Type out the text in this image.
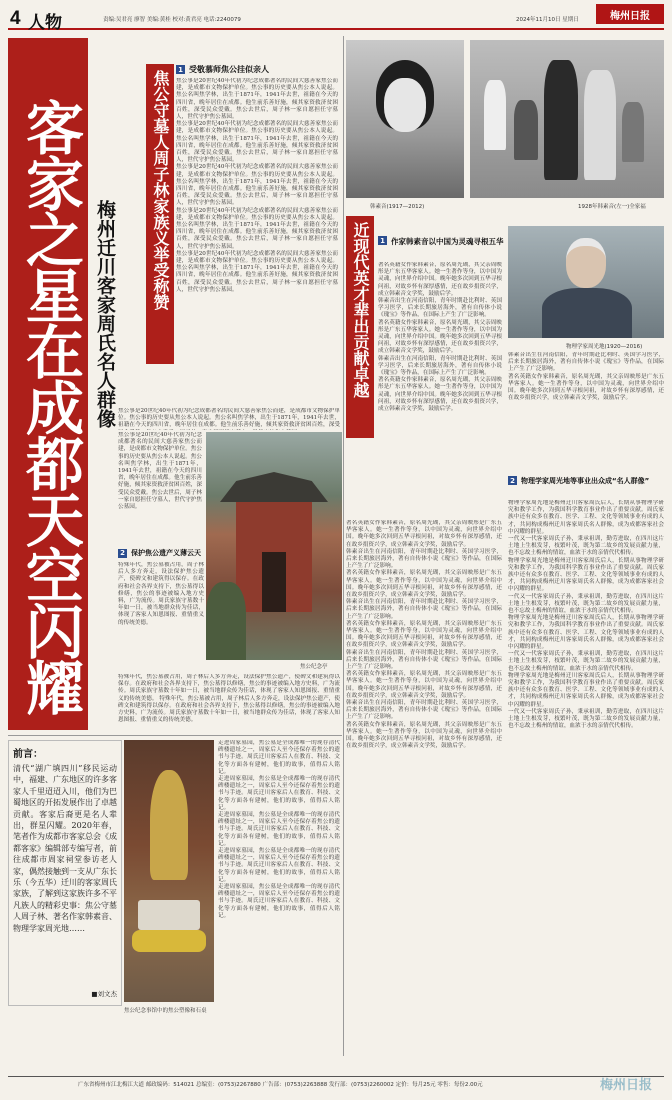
4 人物	责编:吴君亮 廖智 美编:黄桂 校对:黄君亮 电话:2240079	2024年11月10日 星期日	梅州日报
客家之星在成都天空闪耀 梅州迁川客家周氏名人群像
焦公守墓人周子林家族义举受称赞
1 受敬慕师焦公挂似亲人
焦公事是20世纪40年代初为纪念成都著名的民间大慈善家焦公而建，是成都市文物保护单位。焦公事的历史要从焦公本人说起。焦公名叫焦学林，出生于1871年，1941年去世，祖籍在今天的四川省，晚年居住在成都。他生前乐善好施，倾其家资救济贫困百姓，深受民众爱戴。焦公去世后，周子林一家自愿担任守墓人，世代守护焦公墓园。
焦公事是20世纪40年代初为纪念成都著名的民间大慈善家焦公而建，是成都市文物保护单位。焦公事的历史要从焦公本人说起。焦公名叫焦学林，出生于1871年，1941年去世，祖籍在今天的四川省，晚年居住在成都。他生前乐善好施，倾其家资救济贫困百姓，深受民众爱戴。焦公去世后，周子林一家自愿担任守墓人，世代守护焦公墓园。
焦公事是20世纪40年代初为纪念成都著名的民间大慈善家焦公而建，是成都市文物保护单位。焦公事的历史要从焦公本人说起。焦公名叫焦学林，出生于1871年，1941年去世，祖籍在今天的四川省，晚年居住在成都。他生前乐善好施，倾其家资救济贫困百姓，深受民众爱戴。焦公去世后，周子林一家自愿担任守墓人，世代守护焦公墓园。
焦公事是20世纪40年代初为纪念成都著名的民间大慈善家焦公而建，是成都市文物保护单位。焦公事的历史要从焦公本人说起。焦公名叫焦学林，出生于1871年，1941年去世，祖籍在今天的四川省，晚年居住在成都。他生前乐善好施，倾其家资救济贫困百姓，深受民众爱戴。焦公去世后，周子林一家自愿担任守墓人，世代守护焦公墓园。
焦公事是20世纪40年代初为纪念成都著名的民间大慈善家焦公而建，是成都市文物保护单位。焦公事的历史要从焦公本人说起。焦公名叫焦学林，出生于1871年，1941年去世，祖籍在今天的四川省，晚年居住在成都。他生前乐善好施，倾其家资救济贫困百姓，深受民众爱戴。焦公去世后，周子林一家自愿担任守墓人，世代守护焦公墓园。
焦公事是20世纪40年代初为纪念成都著名的民间大慈善家焦公而建，是成都市文物保护单位。焦公事的历史要从焦公本人说起。焦公名叫焦学林，出生于1871年，1941年去世，祖籍在今天的四川省，晚年居住在成都。他生前乐善好施，倾其家资救济贫困百姓，深受
焦公纪念亭
焦公事是20世纪40年代初为纪念成都著名的民间大慈善家焦公而建，是成都市文物保护单位。焦公事的历史要从焦公本人说起。焦公名叫焦学林，出生于1871年，1941年去世，祖籍在今天的四川省，晚年居住在成都。他生前乐善好施，倾其家资救济贫困百姓，深受民众爱戴。焦公去世后，周子林一家自愿担任守墓人，世代守护焦公墓园。
2 保护焦公遗产义薄云天
特殊年代，焦公墓被占用，周子林后人多方奔走，设法保护焦公遗产，使碑文和建筑得以保存。在政府和社会各界支持下，焦公墓得以修缮，焦公的事迹被编入地方史料，广为流传。周氏家族守墓数十年如一日，被当地群众传为佳话，体现了客家人知恩图报、重情重义的传统美德。
特殊年代，焦公墓被占用，周子林后人多方奔走，设法保护焦公遗产，使碑文和建筑得以保存。在政府和社会各界支持下，焦公墓得以修缮，焦公的事迹被编入地方史料，广为流传。周氏家族守墓数十年如一日，被当地群众传为佳话，体现了客家人知恩图报、重情重义的传统美德。 特殊年代，焦公墓被占用，周子林后人多方奔走，设法保护焦公遗产，使碑文和建筑得以保存。在政府和社会各界支持下，焦公墓得以修缮，焦公的事迹被编入地方史料，广为流传。周氏家族守墓数十年如一日，被当地群众传为佳话，体现了客家人知恩图报、重情重义的传统美德。
前言：
清代“湖广填四川”移民运动中，福建、广东地区的许多客家人千里迢迢入川，他们为巴蜀地区的开拓发展作出了卓越贡献。客家后裔更是名人辈出，群星闪耀。2020年春，笔者作为成都市客家总会《成都客家》编辑部专编写者，前往成都市周家祠堂参访老人家，偶然接触到一支从广东长乐（今五华）迁川的客家周氏家族，了解到这家族许多不平凡族人的精彩史事：焦公守墓人周子林、著名作家韩素音、物理学家周光地……
■刘文杰
焦公纪念事馆中的焦公塑像和石桌
走进周家墓园，焦公墓是全成都唯一的现存清代碑楼遗址之一，周家后人至今还保存着焦公的遗书与手迹。周氏迁川客家后人在教育、科技、文化等方面各有建树，他们的故事，值得后人铭记。
走进周家墓园，焦公墓是全成都唯一的现存清代碑楼遗址之一，周家后人至今还保存着焦公的遗书与手迹。周氏迁川客家后人在教育、科技、文化等方面各有建树，他们的故事，值得后人铭记。
走进周家墓园，焦公墓是全成都唯一的现存清代碑楼遗址之一，周家后人至今还保存着焦公的遗书与手迹。周氏迁川客家后人在教育、科技、文化等方面各有建树，他们的故事，值得后人铭记。
走进周家墓园，焦公墓是全成都唯一的现存清代碑楼遗址之一，周家后人至今还保存着焦公的遗书与手迹。周氏迁川客家后人在教育、科技、文化等方面各有建树，他们的故事，值得后人铭记。
走进周家墓园，焦公墓是全成都唯一的现存清代碑楼遗址之一，周家后人至今还保存着焦公的遗书与手迹。周氏迁川客家后人在教育、科技、文化等方面各有建树，他们的故事，值得后人铭记。
韩素音(1917—2012)	1928年韩素音(左一)全家福
近现代英才辈出贡献卓越	1 作家韩素音以中国为灵魂寻根五华
著名英籍女作家韩素音，原名周光瑚，其父亲周映彤是广东五华客家人。她一生著作等身，以中国为灵魂，向世界介绍中国。晚年她多次回到五华寻根问祖，对故乡怀有深厚感情，还在故乡捐资兴学，成立韩素音文学奖，鼓励后学。
韩素音出生在河南信阳，青年时期赴比利时、英国学习医学，后来长期旅居海外，著有自传体小说《瑰宝》等作品，在国际上产生了广泛影响。
著名英籍女作家韩素音，原名周光瑚，其父亲周映彤是广东五华客家人。她一生著作等身，以中国为灵魂，向世界介绍中国。晚年她多次回到五华寻根问祖，对故乡怀有深厚感情，还在故乡捐资兴学，成立韩素音文学奖，鼓励后学。
韩素音出生在河南信阳，青年时期赴比利时、英国学习医学，后来长期旅居海外，著有自传体小说《瑰宝》等作品，在国际上产生了广泛影响。
著名英籍女作家韩素音，原名周光瑚，其父亲周映彤是广东五华客家人。她一生著作等身，以中国为灵魂，向世界介绍中国。晚年她多次回到五华寻根问祖，对故乡怀有深厚感情，还在故乡捐资兴学，成立韩素音文学奖，鼓励后学。
物理学家周光地(1920—2016)
韩素音出生在河南信阳，青年时期赴比利时、英国学习医学，后来长期旅居海外，著有自传体小说《瑰宝》等作品，在国际上产生了广泛影响。
著名英籍女作家韩素音，原名周光瑚，其父亲周映彤是广东五华客家人。她一生著作等身，以中国为灵魂，向世界介绍中国。晚年她多次回到五华寻根问祖，对故乡怀有深厚感情，还在故乡捐资兴学，成立韩素音文学奖，鼓励后学。
2 物理学家周光地等事业出众成“名人群像”
著名英籍女作家韩素音，原名周光瑚，其父亲周映彤是广东五华客家人。她一生著作等身，以中国为灵魂，向世界介绍中国。晚年她多次回到五华寻根问祖，对故乡怀有深厚感情，还在故乡捐资兴学，成立韩素音文学奖，鼓励后学。
韩素音出生在河南信阳，青年时期赴比利时、英国学习医学，后来长期旅居海外，著有自传体小说《瑰宝》等作品，在国际上产生了广泛影响。
著名英籍女作家韩素音，原名周光瑚，其父亲周映彤是广东五华客家人。她一生著作等身，以中国为灵魂，向世界介绍中国。晚年她多次回到五华寻根问祖，对故乡怀有深厚感情，还在故乡捐资兴学，成立韩素音文学奖，鼓励后学。
韩素音出生在河南信阳，青年时期赴比利时、英国学习医学，后来长期旅居海外，著有自传体小说《瑰宝》等作品，在国际上产生了广泛影响。
著名英籍女作家韩素音，原名周光瑚，其父亲周映彤是广东五华客家人。她一生著作等身，以中国为灵魂，向世界介绍中国。晚年她多次回到五华寻根问祖，对故乡怀有深厚感情，还在故乡捐资兴学，成立韩素音文学奖，鼓励后学。
韩素音出生在河南信阳，青年时期赴比利时、英国学习医学，后来长期旅居海外，著有自传体小说《瑰宝》等作品，在国际上产生了广泛影响。
著名英籍女作家韩素音，原名周光瑚，其父亲周映彤是广东五华客家人。她一生著作等身，以中国为灵魂，向世界介绍中国。晚年她多次回到五华寻根问祖，对故乡怀有深厚感情，还在故乡捐资兴学，成立韩素音文学奖，鼓励后学。
韩素音出生在河南信阳，青年时期赴比利时、英国学习医学，后来长期旅居海外，著有自传体小说《瑰宝》等作品，在国际上产生了广泛影响。
著名英籍女作家韩素音，原名周光瑚，其父亲周映彤是广东五华客家人。她一生著作等身，以中国为灵魂，向世界介绍中国。晚年她多次回到五华寻根问祖，对故乡怀有深厚感情，还在故乡捐资兴学，成立韩素音文学奖，鼓励后学。
物理学家周光地是梅州迁川客家周氏后人，长期从事物理学研究和教学工作，为我国科学教育事业作出了重要贡献。周氏家族中还有众多在教育、医学、工程、文化等领域事业有成的人才，共同构成梅州迁川客家周氏名人群像，成为成都客家社会中闪耀的群星。
一代又一代客家周氏子孙，秉承祖训，勤劳进取，在四川这片土地上生根发芽，枝繁叶茂，既为第二故乡的发展贡献力量，也不忘故土梅州的情谊，血浓于水的亲情代代相传。
物理学家周光地是梅州迁川客家周氏后人，长期从事物理学研究和教学工作，为我国科学教育事业作出了重要贡献。周氏家族中还有众多在教育、医学、工程、文化等领域事业有成的人才，共同构成梅州迁川客家周氏名人群像，成为成都客家社会中闪耀的群星。
一代又一代客家周氏子孙，秉承祖训，勤劳进取，在四川这片土地上生根发芽，枝繁叶茂，既为第二故乡的发展贡献力量，也不忘故土梅州的情谊，血浓于水的亲情代代相传。
物理学家周光地是梅州迁川客家周氏后人，长期从事物理学研究和教学工作，为我国科学教育事业作出了重要贡献。周氏家族中还有众多在教育、医学、工程、文化等领域事业有成的人才，共同构成梅州迁川客家周氏名人群像，成为成都客家社会中闪耀的群星。
一代又一代客家周氏子孙，秉承祖训，勤劳进取，在四川这片土地上生根发芽，枝繁叶茂，既为第二故乡的发展贡献力量，也不忘故土梅州的情谊，血浓于水的亲情代代相传。
物理学家周光地是梅州迁川客家周氏后人，长期从事物理学研究和教学工作，为我国科学教育事业作出了重要贡献。周氏家族中还有众多在教育、医学、工程、文化等领域事业有成的人才，共同构成梅州迁川客家周氏名人群像，成为成都客家社会中闪耀的群星。
一代又一代客家周氏子孙，秉承祖训，勤劳进取，在四川这片土地上生根发芽，枝繁叶茂，既为第二故乡的发展贡献力量，也不忘故土梅州的情谊，血浓于水的亲情代代相传。
广东省梅州市江北梅江大道 邮政编码：514021 总编室：(0753)2267880 广告部：(0753)2263888 发行部：(0753)2260002 定价：每月25元 零售：每份2.00元	梅州日报
